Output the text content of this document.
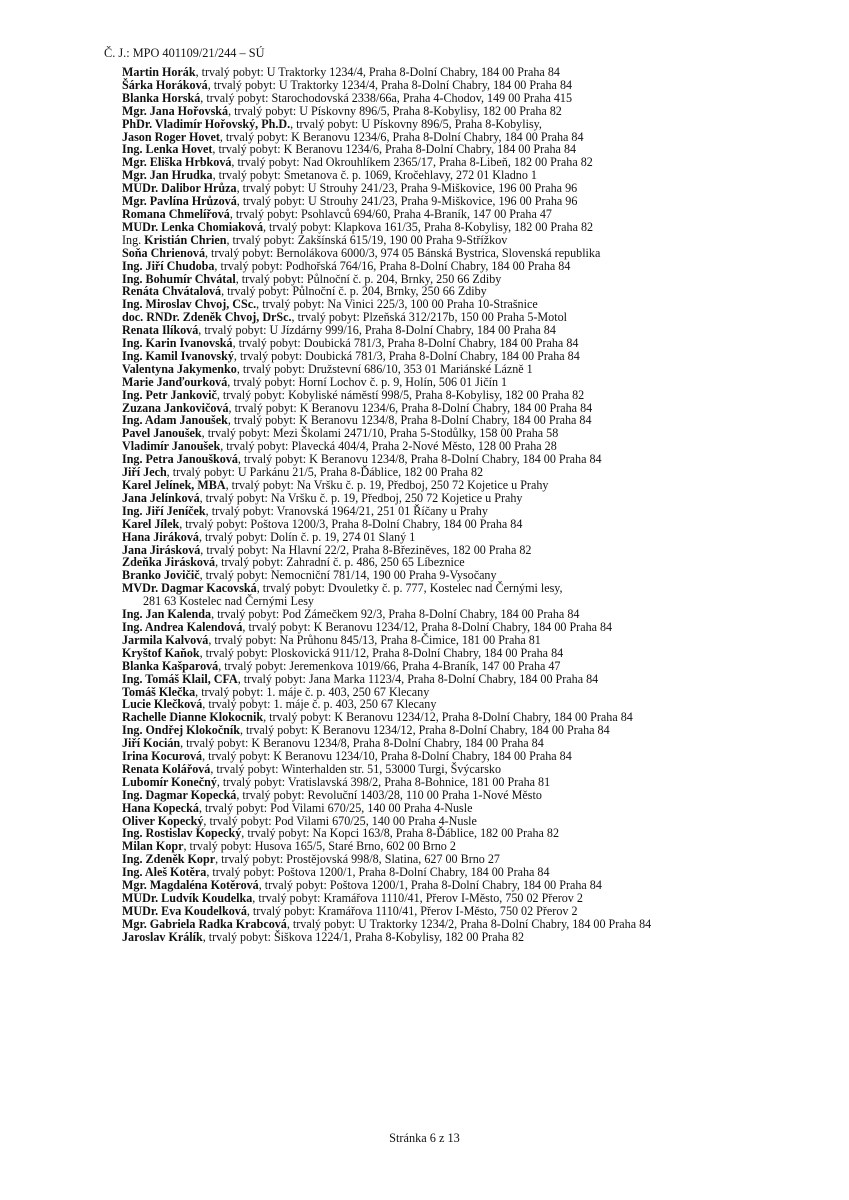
Č. J.: MPO 401109/21/244 – SÚ
Martin Horák, trvalý pobyt: U Traktorky 1234/4, Praha 8-Dolní Chabry, 184 00 Praha 84
Šárka Horáková, trvalý pobyt: U Traktorky 1234/4, Praha 8-Dolní Chabry, 184 00 Praha 84
Blanka Horská, trvalý pobyt: Starochodovská 2338/66a, Praha 4-Chodov, 149 00 Praha 415
Mgr. Jana Hořovská, trvalý pobyt: U Pískovny 896/5, Praha 8-Kobylisy, 182 00 Praha 82
PhDr. Vladimír Hořovský, Ph.D., trvalý pobyt: U Pískovny 896/5, Praha 8-Kobylisy,
Jason Roger Hovet, trvalý pobyt: K Beranovu 1234/6, Praha 8-Dolní Chabry, 184 00 Praha 84
Ing. Lenka Hovet, trvalý pobyt: K Beranovu 1234/6, Praha 8-Dolní Chabry, 184 00 Praha 84
Mgr. Eliška Hrbková, trvalý pobyt: Nad Okrouhlíkem 2365/17, Praha 8-Libeň, 182 00 Praha 82
Mgr. Jan Hrudka, trvalý pobyt: Smetanova č. p. 1069, Kročehlavy, 272 01 Kladno 1
MUDr. Dalibor Hrůza, trvalý pobyt: U Strouhy 241/23, Praha 9-Miškovice, 196 00 Praha 96
Mgr. Pavlína Hrůzová, trvalý pobyt: U Strouhy 241/23, Praha 9-Miškovice, 196 00 Praha 96
Romana Chmelířová, trvalý pobyt: Psohlavců 694/60, Praha 4-Braník, 147 00 Praha 47
MUDr. Lenka Chomiaková, trvalý pobyt: Klapkova 161/35, Praha 8-Kobylisy, 182 00 Praha 82
Ing. Kristián Chrien, trvalý pobyt: Zakšínská 615/19, 190 00 Praha 9-Střížkov
Soňa Chrienová, trvalý pobyt: Bernolákova 6000/3, 974 05 Bánská Bystrica, Slovenská republika
Ing. Jiří Chudoba, trvalý pobyt: Podhořská 764/16, Praha 8-Dolní Chabry, 184 00 Praha 84
Ing. Bohumír Chvátal, trvalý pobyt: Půlnoční č. p. 204, Brnky, 250 66 Zdiby
Renáta Chvátalová, trvalý pobyt: Půlnoční č. p. 204, Brnky, 250 66 Zdiby
Ing. Miroslav Chvoj, CSc., trvalý pobyt: Na Vinici 225/3, 100 00 Praha 10-Strašnice
doc. RNDr. Zdeněk Chvoj, DrSc., trvalý pobyt: Plzeňská 312/217b, 150 00 Praha 5-Motol
Renata Ilíková, trvalý pobyt: U Jízdárny 999/16, Praha 8-Dolní Chabry, 184 00 Praha 84
Ing. Karin Ivanovská, trvalý pobyt: Doubická 781/3, Praha 8-Dolní Chabry, 184 00 Praha 84
Ing. Kamil Ivanovský, trvalý pobyt: Doubická 781/3, Praha 8-Dolní Chabry, 184 00 Praha 84
Valentyna Jakymenko, trvalý pobyt: Družstevní 686/10, 353 01 Mariánské Lázně 1
Marie Janďourková, trvalý pobyt: Horní Lochov č. p. 9, Holín, 506 01 Jičín 1
Ing. Petr Jankovič, trvalý pobyt: Kobyliské náměstí 998/5, Praha 8-Kobylisy, 182 00 Praha 82
Zuzana Jankovičová, trvalý pobyt: K Beranovu 1234/6, Praha 8-Dolní Chabry, 184 00 Praha 84
Ing. Adam Janoušek, trvalý pobyt: K Beranovu 1234/8, Praha 8-Dolní Chabry, 184 00 Praha 84
Pavel Janoušek, trvalý pobyt: Mezi Školami 2471/10, Praha 5-Stodůlky, 158 00 Praha 58
Vladimír Janoušek, trvalý pobyt: Plavecká 404/4, Praha 2-Nové Město, 128 00 Praha 28
Ing. Petra Janoušková, trvalý pobyt: K Beranovu 1234/8, Praha 8-Dolní Chabry, 184 00 Praha 84
Jiří Jech, trvalý pobyt: U Parkánu 21/5, Praha 8-Ďáblice, 182 00 Praha 82
Karel Jelínek, MBA, trvalý pobyt: Na Vršku č. p. 19, Předboj, 250 72 Kojetice u Prahy
Jana Jelínková, trvalý pobyt: Na Vršku č. p. 19, Předboj, 250 72 Kojetice u Prahy
Ing. Jiří Jeníček, trvalý pobyt: Vranovská 1964/21, 251 01 Říčany u Prahy
Karel Jílek, trvalý pobyt: Poštova 1200/3, Praha 8-Dolní Chabry, 184 00 Praha 84
Hana Jiráková, trvalý pobyt: Dolín č. p. 19, 274 01 Slaný 1
Jana Jirásková, trvalý pobyt: Na Hlavní 22/2, Praha 8-Březiněves, 182 00 Praha 82
Zdeňka Jirásková, trvalý pobyt: Zahradní č. p. 486, 250 65 Líbeznice
Branko Jovičič, trvalý pobyt: Nemocniční 781/14, 190 00 Praha 9-Vysočany
MVDr. Dagmar Kacovská, trvalý pobyt: Dvouletky č. p. 777, Kostelec nad Černými lesy,
281 63 Kostelec nad Černými Lesy
Ing. Jan Kalenda, trvalý pobyt: Pod Zámečkem 92/3, Praha 8-Dolní Chabry, 184 00 Praha 84
Ing. Andrea Kalendová, trvalý pobyt: K Beranovu 1234/12, Praha 8-Dolní Chabry, 184 00 Praha 84
Jarmila Kalvová, trvalý pobyt: Na Průhonu 845/13, Praha 8-Čimice, 181 00 Praha 81
Kryštof Kaňok, trvalý pobyt: Ploskovická 911/12, Praha 8-Dolní Chabry, 184 00 Praha 84
Blanka Kašparová, trvalý pobyt: Jeremenkova 1019/66, Praha 4-Braník, 147 00 Praha 47
Ing. Tomáš Klail, CFA, trvalý pobyt: Jana Marka 1123/4, Praha 8-Dolní Chabry, 184 00 Praha 84
Tomáš Klečka, trvalý pobyt: 1. máje č. p. 403, 250 67 Klecany
Lucie Klečková, trvalý pobyt: 1. máje č. p. 403, 250 67 Klecany
Rachelle Dianne Klokocnik, trvalý pobyt: K Beranovu 1234/12, Praha 8-Dolní Chabry, 184 00 Praha 84
Ing. Ondřej Klokočník, trvalý pobyt: K Beranovu 1234/12, Praha 8-Dolní Chabry, 184 00 Praha 84
Jiří Kocián, trvalý pobyt: K Beranovu 1234/8, Praha 8-Dolní Chabry, 184 00 Praha 84
Irina Kocurová, trvalý pobyt: K Beranovu 1234/10, Praha 8-Dolní Chabry, 184 00 Praha 84
Renata Kolářová, trvalý pobyt: Winterhalden str. 51, 53000 Turgi, Švýcarsko
Lubomír Konečný, trvalý pobyt: Vratislavská 398/2, Praha 8-Bohnice, 181 00 Praha 81
Ing. Dagmar Kopecká, trvalý pobyt: Revoluční 1403/28, 110 00 Praha 1-Nové Město
Hana Kopecká, trvalý pobyt: Pod Vilami 670/25, 140 00 Praha 4-Nusle
Oliver Kopecký, trvalý pobyt: Pod Vilami 670/25, 140 00 Praha 4-Nusle
Ing. Rostislav Kopecký, trvalý pobyt: Na Kopci 163/8, Praha 8-Ďáblice, 182 00 Praha 82
Milan Kopr, trvalý pobyt: Husova 165/5, Staré Brno, 602 00 Brno 2
Ing. Zdeněk Kopr, trvalý pobyt: Prostějovská 998/8, Slatina, 627 00 Brno 27
Ing. Aleš Kotěra, trvalý pobyt: Poštova 1200/1, Praha 8-Dolní Chabry, 184 00 Praha 84
Mgr. Magdaléna Kotěrová, trvalý pobyt: Poštova 1200/1, Praha 8-Dolní Chabry, 184 00 Praha 84
MUDr. Ludvík Koudelka, trvalý pobyt: Kramářova 1110/41, Přerov I-Město, 750 02 Přerov 2
MUDr. Eva Koudelková, trvalý pobyt: Kramářova 1110/41, Přerov I-Město, 750 02 Přerov 2
Mgr. Gabriela Radka Krabcová, trvalý pobyt: U Traktorky 1234/2, Praha 8-Dolní Chabry, 184 00 Praha 84
Jaroslav Králík, trvalý pobyt: Šiškova 1224/1, Praha 8-Kobylisy, 182 00 Praha 82
Stránka 6 z 13
